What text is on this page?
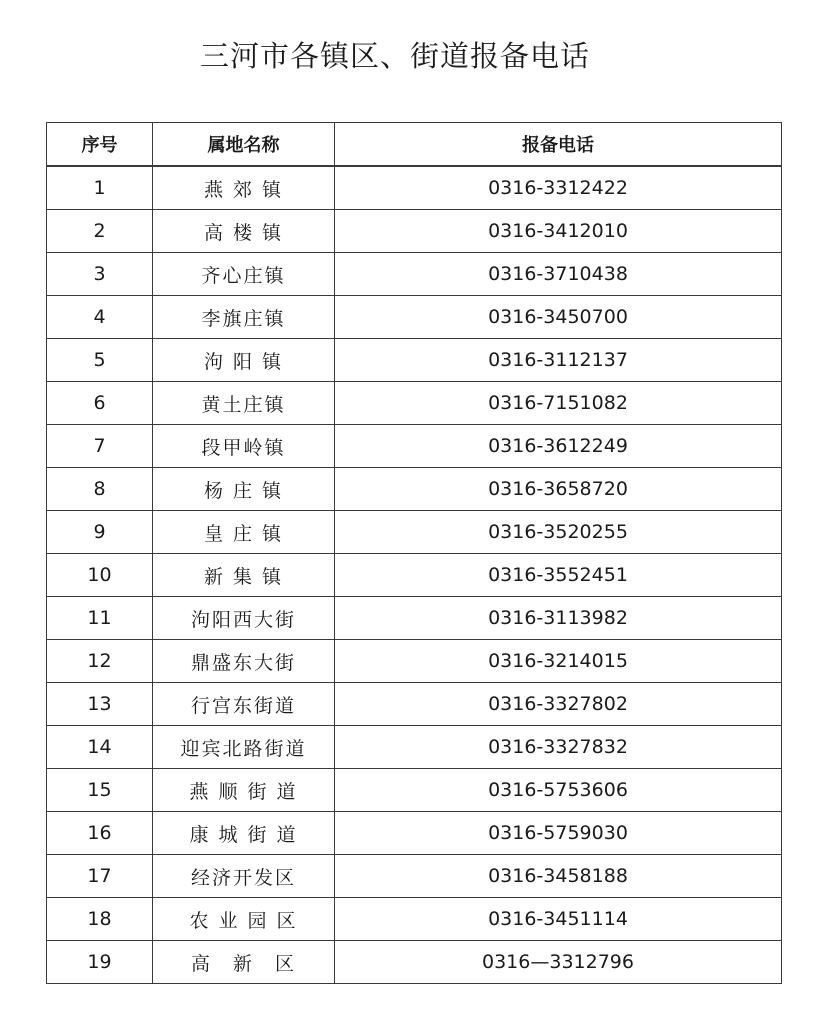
三河市各镇区、街道报备电话
序号	属地名称	报备电话
1	燕 郊 镇	0316-3312422
2	高 楼 镇	0316-3412010
3	齐心庄镇	0316-3710438
4	李旗庄镇	0316-3450700
5	泃 阳 镇	0316-3112137
6	黄土庄镇	0316-7151082
7	段甲岭镇	0316-3612249
8	杨 庄 镇	0316-3658720
9	皇 庄 镇	0316-3520255
10	新 集 镇	0316-3552451
11	泃阳西大街	0316-3113982
12	鼎盛东大街	0316-3214015
13	行宫东街道	0316-3327802
14	迎宾北路街道	0316-3327832
15	燕 顺 街 道	0316-5753606
16	康 城 街 道	0316-5759030
17	经济开发区	0316-3458188
18	农 业 园 区	0316-3451114
19	高　新　区	0316—3312796
